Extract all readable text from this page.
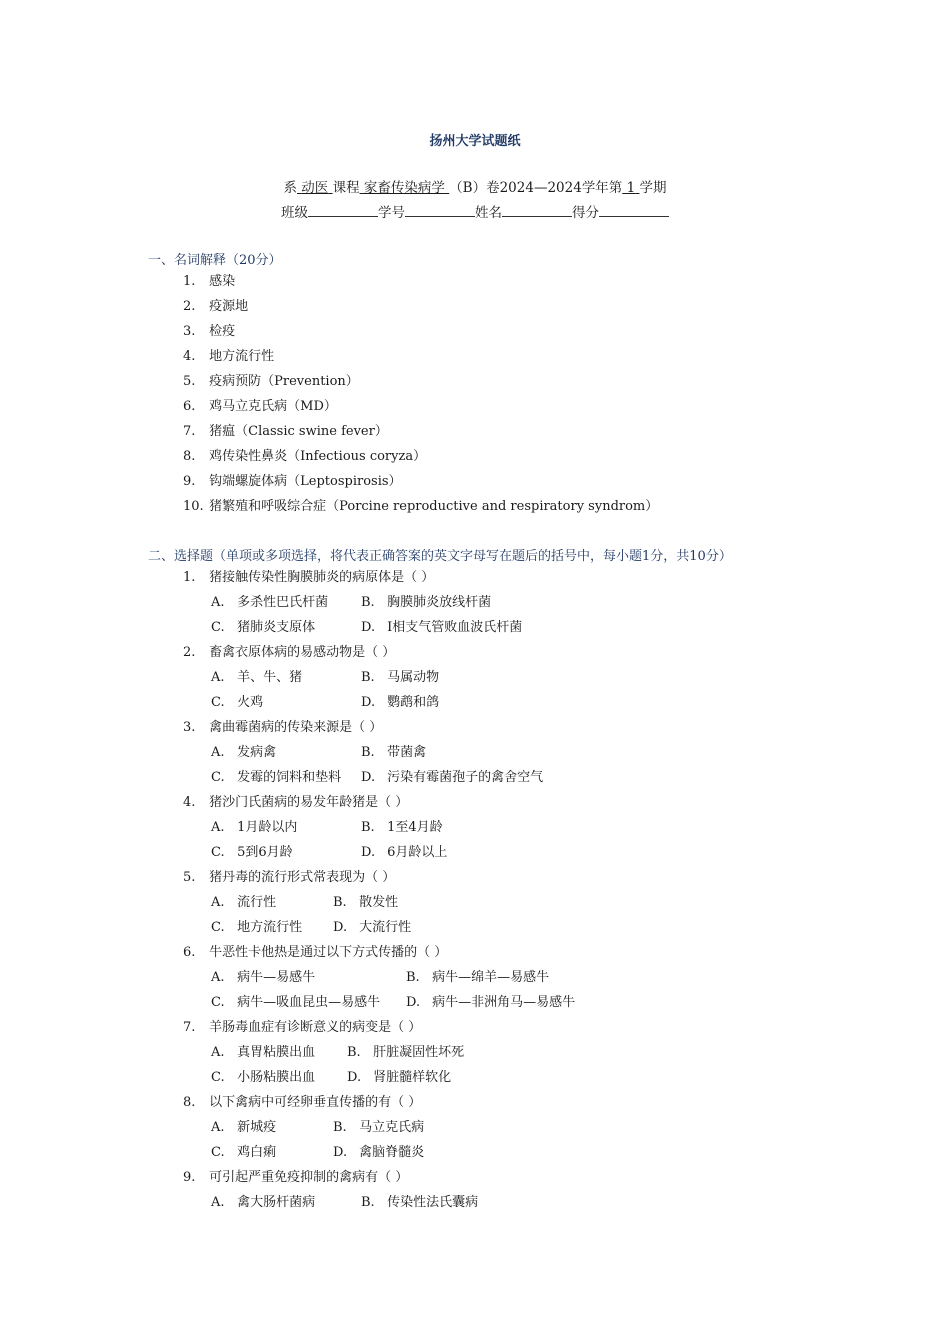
扬州大学试题纸
系 动医 课程 家畜传染病学 （B）卷2024—2024学年第 1 学期
班级	学号	姓名	得分
一、名词解释（20分）
1. 感染
2. 疫源地
3. 检疫
4. 地方流行性
5. 疫病预防（Prevention）
6. 鸡马立克氏病（MD）
7. 猪瘟（Classic swine fever）
8. 鸡传染性鼻炎（Infectious coryza）
9. 钩端螺旋体病（Leptospirosis）
10. 猪繁殖和呼吸综合症（Porcine reproductive and respiratory syndrom）
二、选择题（单项或多项选择，将代表正确答案的英文字母写在题后的括号中，每小题1分，共10分）
1. 猪接触传染性胸膜肺炎的病原体是（ ）
A. 多杀性巴氏杆菌	B. 胸膜肺炎放线杆菌
C. 猪肺炎支原体	D. I相支气管败血波氏杆菌
2. 畜禽衣原体病的易感动物是（ ）
A. 羊、牛、猪	B. 马属动物
C. 火鸡	D. 鹦鹉和鸽
3. 禽曲霉菌病的传染来源是（ ）
A. 发病禽	B. 带菌禽
C. 发霉的饲料和垫料 D. 污染有霉菌孢子的禽舍空气
4. 猪沙门氏菌病的易发年龄猪是（ ）
A. 1月龄以内	B. 1至4月龄
C. 5到6月龄	D. 6月龄以上
5. 猪丹毒的流行形式常表现为（ ）
A. 流行性	B. 散发性
C. 地方流行性 D. 大流行性
6. 牛恶性卡他热是通过以下方式传播的（ ）
A. 病牛—易感牛	B. 病牛—绵羊—易感牛
C. 病牛—吸血昆虫—易感牛 D. 病牛—非洲角马—易感牛
7. 羊肠毒血症有诊断意义的病变是（ ）
A. 真胃粘膜出血 B. 肝脏凝固性坏死
C. 小肠粘膜出血 D. 肾脏髓样软化
8. 以下禽病中可经卵垂直传播的有（ ）
A. 新城疫	B. 马立克氏病
C. 鸡白痢	D. 禽脑脊髓炎
9. 可引起严重免疫抑制的禽病有（ ）
A. 禽大肠杆菌病	B. 传染性法氏囊病
